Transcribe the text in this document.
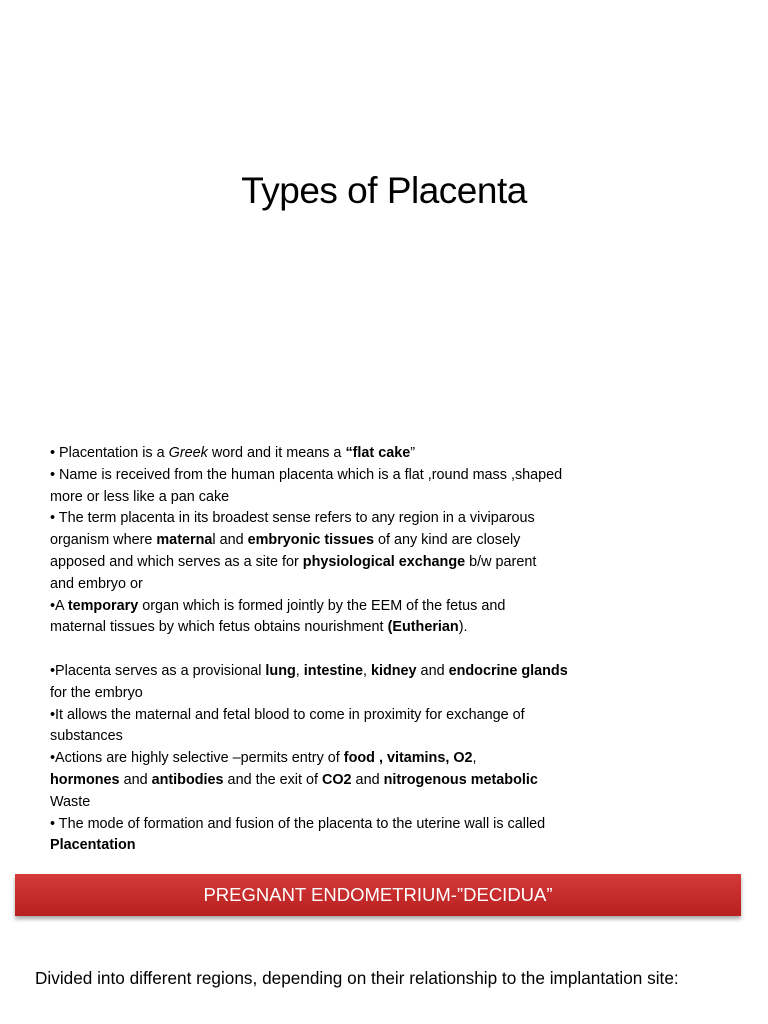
Types of Placenta
• Placentation is a Greek word and it means a “flat cake”
• Name is received from the human placenta which is a flat ,round mass ,shaped
more or less like a pan cake
• The term placenta in its broadest sense refers to any region in a viviparous
organism where maternal and embryonic tissues of any kind are closely
apposed and which serves as a site for physiological exchange b/w parent
and embryo or
•A temporary organ which is formed jointly by the EEM of the fetus and
maternal tissues by which fetus obtains nourishment (Eutherian).
•Placenta serves as a provisional lung, intestine, kidney and endocrine glands
for the embryo
•It allows the maternal and fetal blood to come in proximity for exchange of
substances
•Actions are highly selective –permits entry of food , vitamins, O2,
hormones and antibodies and the exit of CO2 and nitrogenous metabolic
Waste
• The mode of formation and fusion of the placenta to the uterine wall is called
Placentation
PREGNANT ENDOMETRIUM-”DECIDUA”
Divided into different regions, depending on their relationship to the implantation site:
